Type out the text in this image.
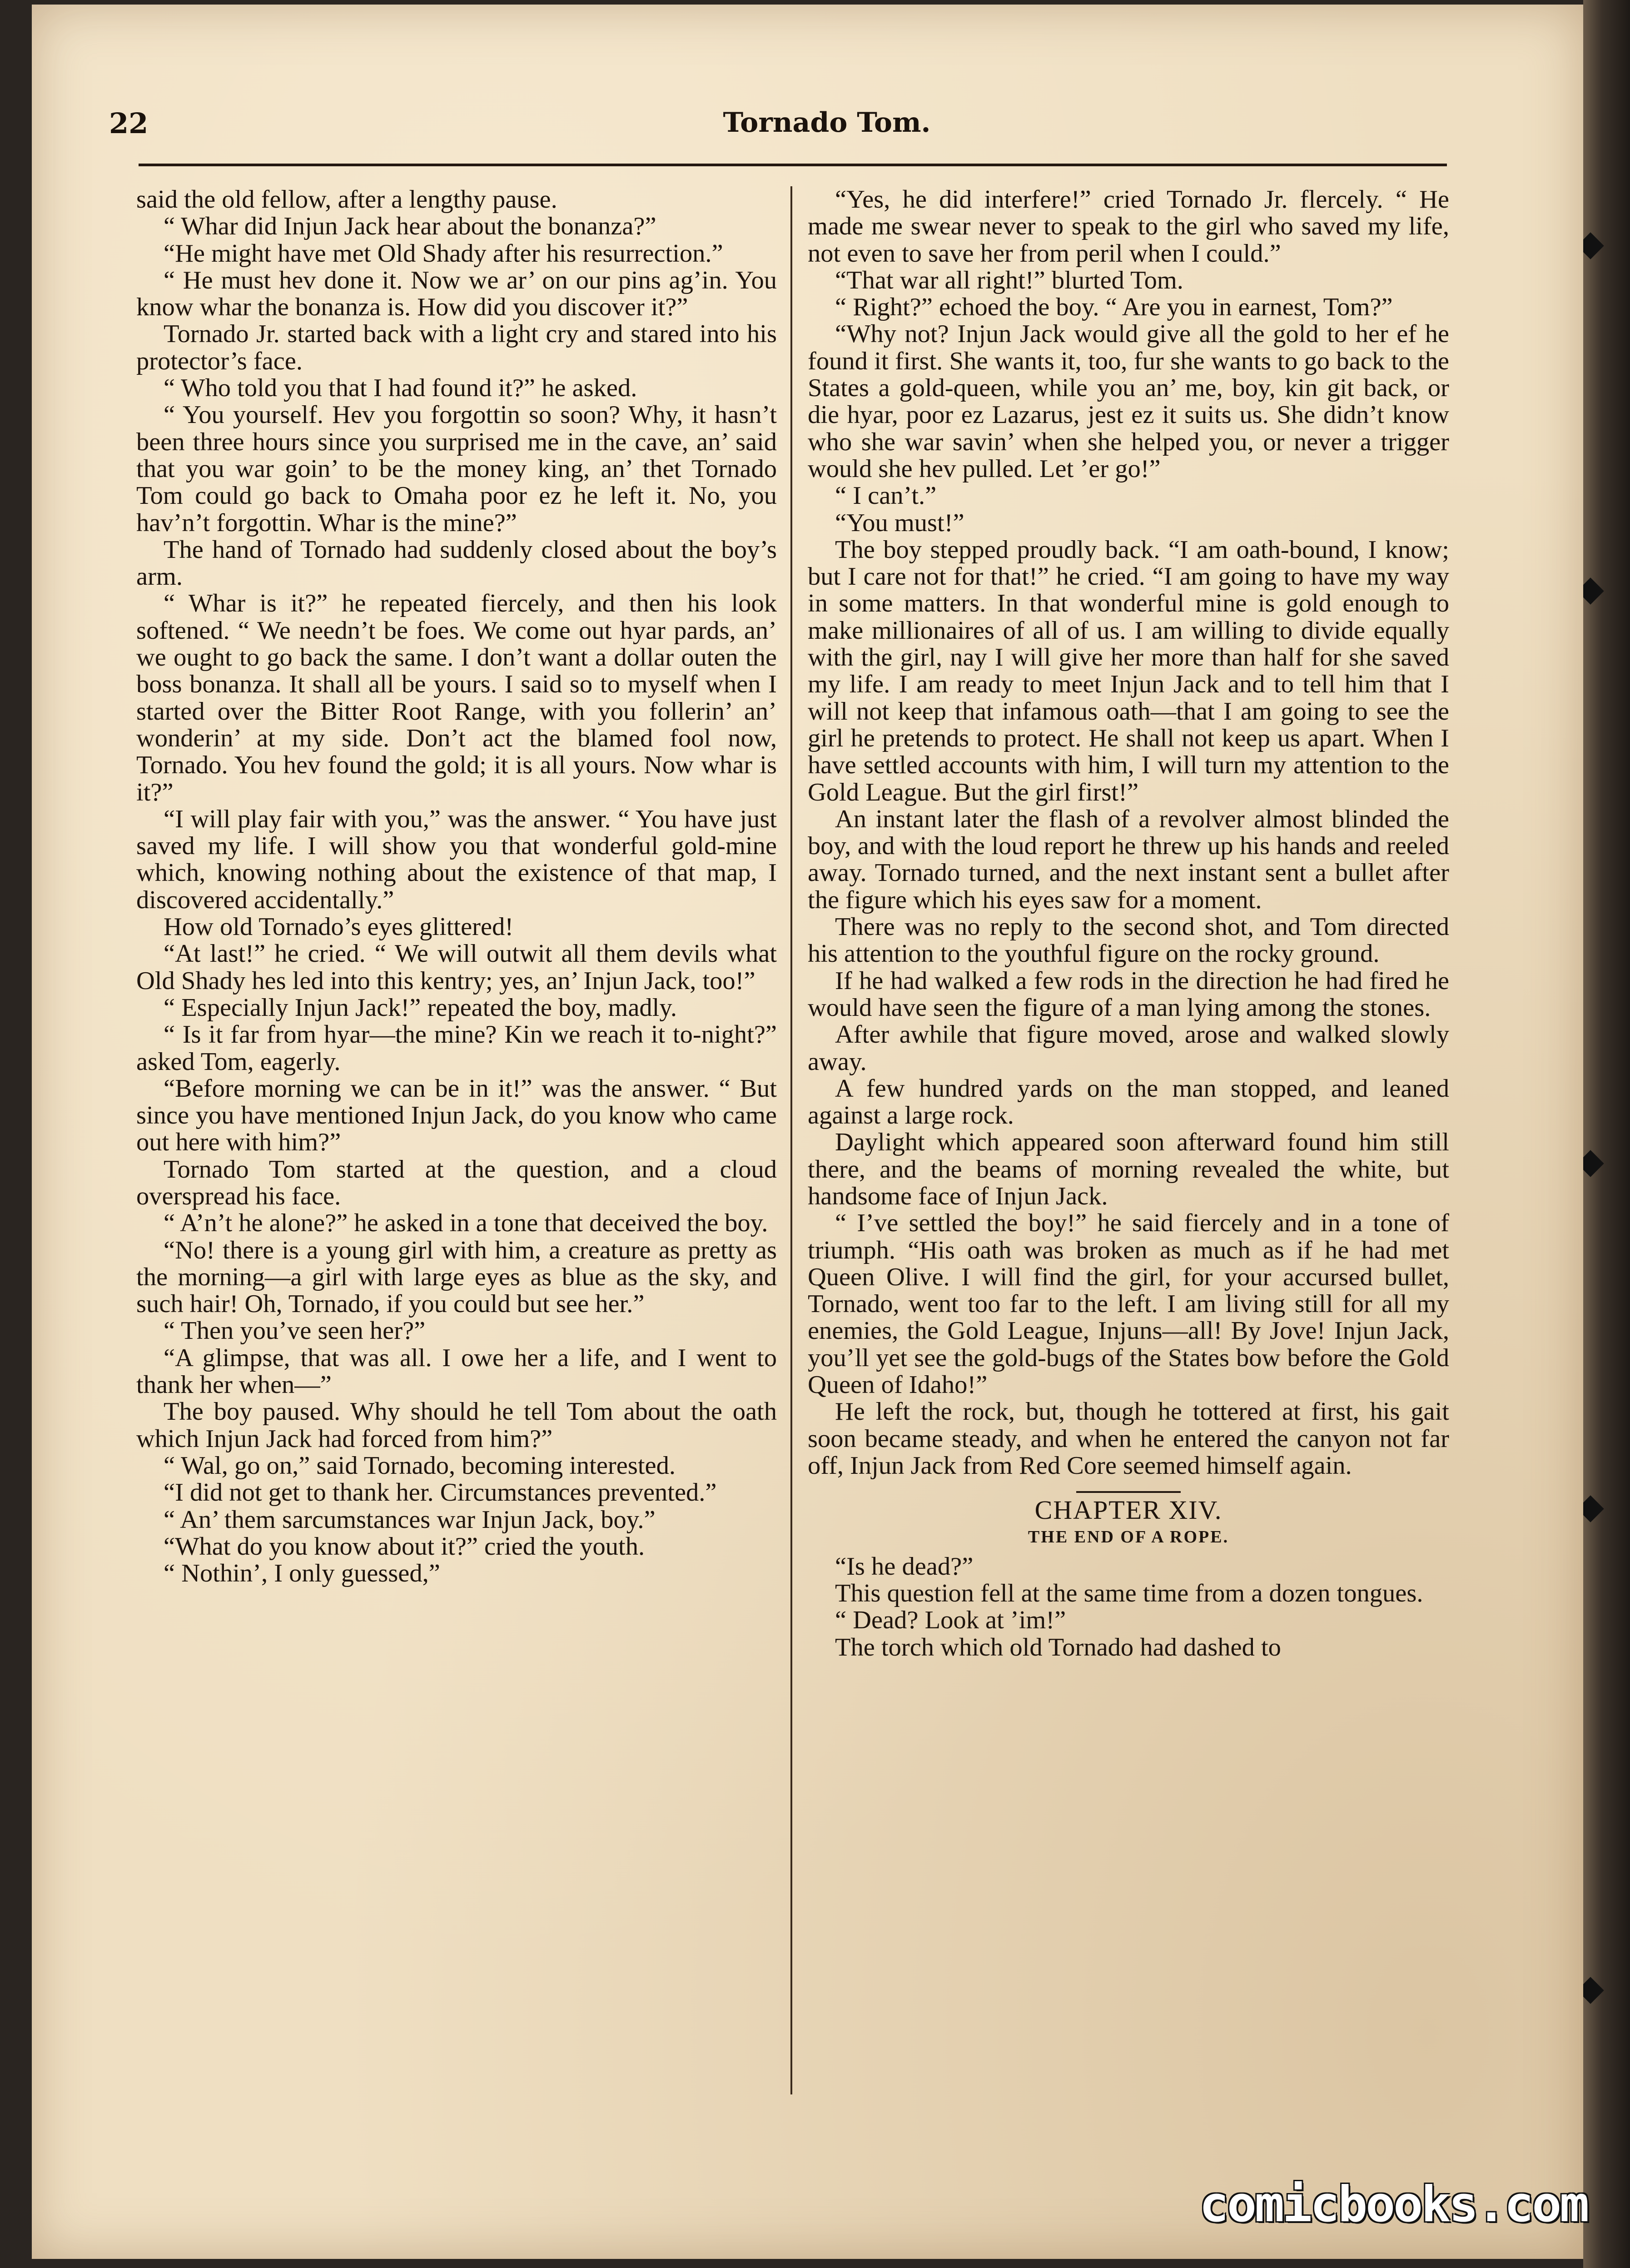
22	Tornado Tom.

said the old fellow, after a lengthy pause.

“ Whar did Injun Jack hear about the bonanza?”

“He might have met Old Shady after his resurrection.”

“ He must hev done it. Now we ar’ on our pins ag’in. You know whar the bonanza is. How did you discover it?”

Tornado Jr. started back with a light cry and stared into his protector’s face.

“ Who told you that I had found it?” he asked.

“ You yourself. Hev you forgottin so soon? Why, it hasn’t been three hours since you surprised me in the cave, an’ said that you war goin’ to be the money king, an’ thet Tornado Tom could go back to Omaha poor ez he left it. No, you hav’n’t forgottin. Whar is the mine?”

The hand of Tornado had suddenly closed about the boy’s arm.

“ Whar is it?” he repeated fiercely, and then his look softened. “ We needn’t be foes. We come out hyar pards, an’ we ought to go back the same. I don’t want a dollar outen the boss bonanza. It shall all be yours. I said so to myself when I started over the Bitter Root Range, with you follerin’ an’ wonderin’ at my side. Don’t act the blamed fool now, Tornado. You hev found the gold; it is all yours. Now whar is it?”

“I will play fair with you,” was the answer. “ You have just saved my life. I will show you that wonderful gold-mine which, knowing nothing about the existence of that map, I discovered accidentally.”

How old Tornado’s eyes glittered!

“At last!” he cried. “ We will outwit all them devils what Old Shady hes led into this kentry; yes, an’ Injun Jack, too!”

“ Especially Injun Jack!” repeated the boy, madly.

“ Is it far from hyar—the mine? Kin we reach it to-night?” asked Tom, eagerly.

“Before morning we can be in it!” was the answer. “ But since you have mentioned Injun Jack, do you know who came out here with him?”

Tornado Tom started at the question, and a cloud overspread his face.

“ A’n’t he alone?” he asked in a tone that deceived the boy.

“No! there is a young girl with him, a creature as pretty as the morning—a girl with large eyes as blue as the sky, and such hair! Oh, Tornado, if you could but see her.”

“ Then you’ve seen her?”

“A glimpse, that was all. I owe her a life, and I went to thank her when—”

The boy paused. Why should he tell Tom about the oath which Injun Jack had forced from him?”

“ Wal, go on,” said Tornado, becoming interested.

“I did not get to thank her. Circumstances prevented.”

“ An’ them sarcumstances war Injun Jack, boy.”

“What do you know about it?” cried the youth.

“ Nothin’, I only guessed,”

“Yes, he did interfere!” cried Tornado Jr. flercely. “ He made me swear never to speak to the girl who saved my life, not even to save her from peril when I could.”

“That war all right!” blurted Tom.

“ Right?” echoed the boy. “ Are you in earnest, Tom?”

“Why not? Injun Jack would give all the gold to her ef he found it first. She wants it, too, fur she wants to go back to the States a gold-queen, while you an’ me, boy, kin git back, or die hyar, poor ez Lazarus, jest ez it suits us. She didn’t know who she war savin’ when she helped you, or never a trigger would she hev pulled. Let ’er go!”

“ I can’t.”

“You must!”

The boy stepped proudly back. “I am oath-bound, I know; but I care not for that!” he cried. “I am going to have my way in some matters. In that wonderful mine is gold enough to make millionaires of all of us. I am willing to divide equally with the girl, nay I will give her more than half for she saved my life. I am ready to meet Injun Jack and to tell him that I will not keep that infamous oath—that I am going to see the girl he pretends to protect. He shall not keep us apart. When I have settled accounts with him, I will turn my attention to the Gold League. But the girl first!”

An instant later the flash of a revolver almost blinded the boy, and with the loud report he threw up his hands and reeled away. Tornado turned, and the next instant sent a bullet after the figure which his eyes saw for a moment.

There was no reply to the second shot, and Tom directed his attention to the youthful figure on the rocky ground.

If he had walked a few rods in the direction he had fired he would have seen the figure of a man lying among the stones.

After awhile that figure moved, arose and walked slowly away.

A few hundred yards on the man stopped, and leaned against a large rock.

Daylight which appeared soon afterward found him still there, and the beams of morning revealed the white, but handsome face of Injun Jack.

“ I’ve settled the boy!” he said fiercely and in a tone of triumph. “His oath was broken as much as if he had met Queen Olive. I will find the girl, for your accursed bullet, Tornado, went too far to the left. I am living still for all my enemies, the Gold League, Injuns—all! By Jove! Injun Jack, you’ll yet see the gold-bugs of the States bow before the Gold Queen of Idaho!”

He left the rock, but, though he tottered at first, his gait soon became steady, and when he entered the canyon not far off, Injun Jack from Red Core seemed himself again.

CHAPTER XIV.

THE END OF A ROPE.

“Is he dead?”

This question fell at the same time from a dozen tongues.

“ Dead? Look at ’im!”

The torch which old Tornado had dashed to

comicbooks.com
